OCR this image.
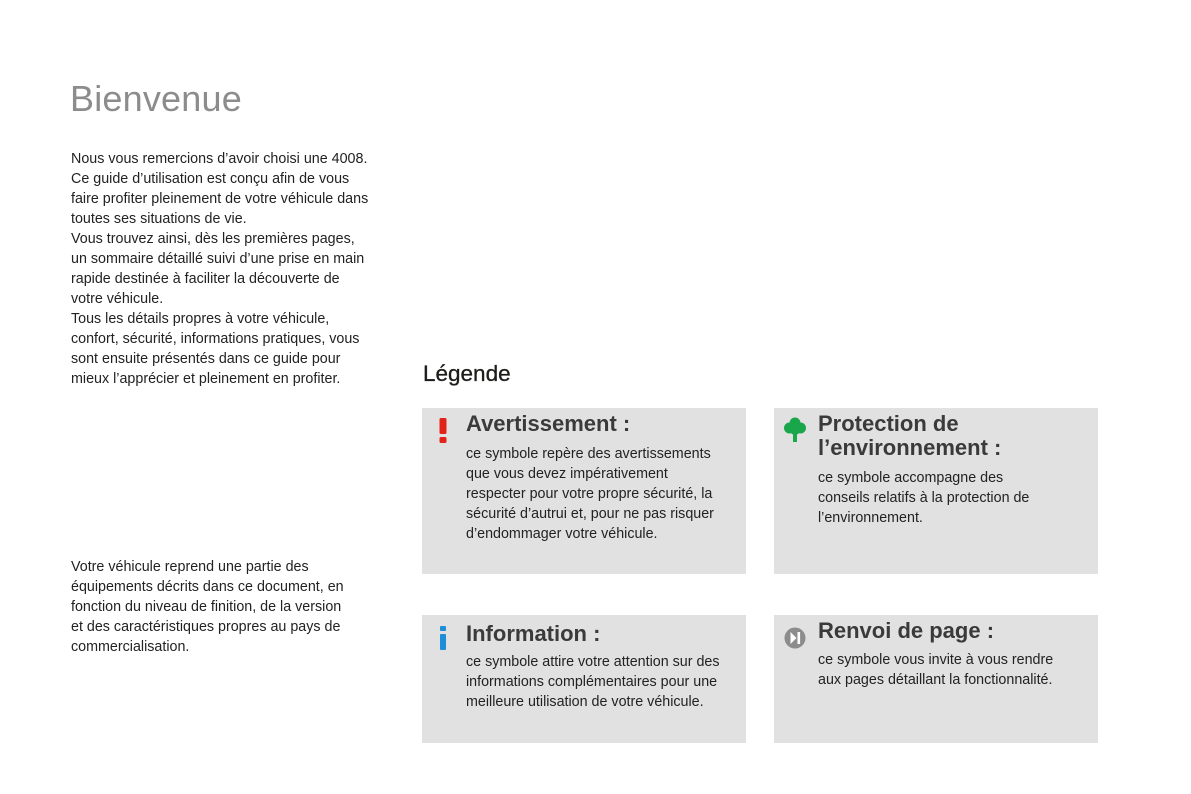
Bienvenue

Nous vous remercions d’avoir choisi une 4008.
Ce guide d’utilisation est conçu afin de vous
faire profiter pleinement de votre véhicule dans
toutes ses situations de vie.
Vous trouvez ainsi, dès les premières pages,
un sommaire détaillé suivi d’une prise en main
rapide destinée à faciliter la découverte de
votre véhicule.
Tous les détails propres à votre véhicule,
confort, sécurité, informations pratiques, vous
sont ensuite présentés dans ce guide pour
mieux l’apprécier et pleinement en profiter.

Votre véhicule reprend une partie des
équipements décrits dans ce document, en
fonction du niveau de finition, de la version
et des caractéristiques propres au pays de
commercialisation.

Légende
Avertissement :

ce symbole repère des avertissements
que vous devez impérativement
respecter pour votre propre sécurité, la
sécurité d’autrui et, pour ne pas risquer
d’endommager votre véhicule.

Protection de
l’environnement :

ce symbole accompagne des
conseils relatifs à la protection de
l’environnement.

Information :

ce symbole attire votre attention sur des
informations complémentaires pour une
meilleure utilisation de votre véhicule.

Renvoi de page :

ce symbole vous invite à vous rendre
aux pages détaillant la fonctionnalité.
